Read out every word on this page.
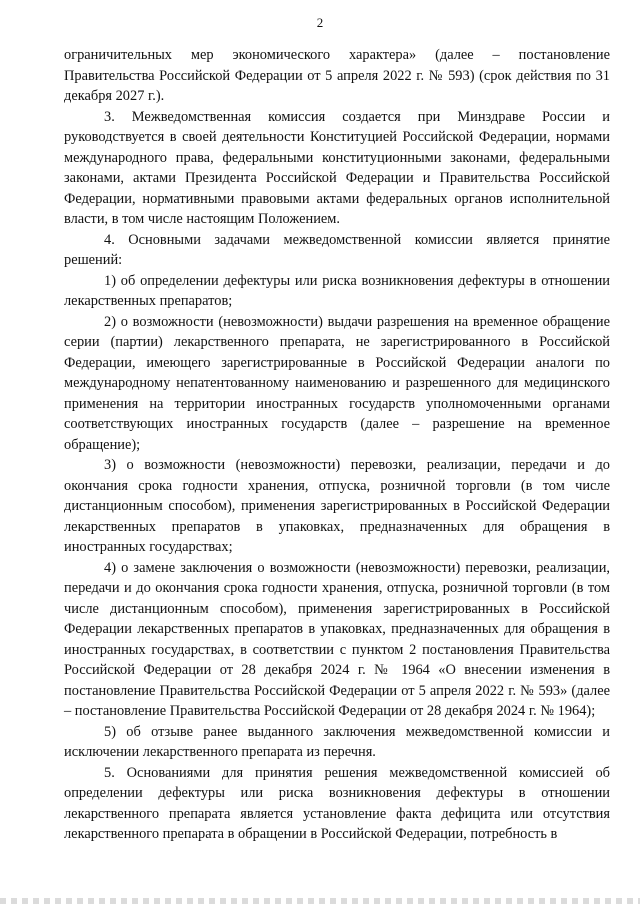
2

ограничительных мер экономического характера» (далее – постановление Правительства Российской Федерации от 5 апреля 2022 г. № 593) (срок действия по 31 декабря 2027 г.).

3. Межведомственная комиссия создается при Минздраве России и руководствуется в своей деятельности Конституцией Российской Федерации, нормами международного права, федеральными конституционными законами, федеральными законами, актами Президента Российской Федерации и Правительства Российской Федерации, нормативными правовыми актами федеральных органов исполнительной власти, в том числе настоящим Положением.

4. Основными задачами межведомственной комиссии является принятие решений:

1) об определении дефектуры или риска возникновения дефектуры в отношении лекарственных препаратов;

2) о возможности (невозможности) выдачи разрешения на временное обращение серии (партии) лекарственного препарата, не зарегистрированного в Российской Федерации, имеющего зарегистрированные в Российской Федерации аналоги по международному непатентованному наименованию и разрешенного для медицинского применения на территории иностранных государств уполномоченными органами соответствующих иностранных государств (далее – разрешение на временное обращение);

3) о возможности (невозможности) перевозки, реализации, передачи и до окончания срока годности хранения, отпуска, розничной торговли (в том числе дистанционным способом), применения зарегистрированных в Российской Федерации лекарственных препаратов в упаковках, предназначенных для обращения в иностранных государствах;

4) о замене заключения о возможности (невозможности) перевозки, реализации, передачи и до окончания срока годности хранения, отпуска, розничной торговли (в том числе дистанционным способом), применения зарегистрированных в Российской Федерации лекарственных препаратов в упаковках, предназначенных для обращения в иностранных государствах, в соответствии с пунктом 2 постановления Правительства Российской Федерации от 28 декабря 2024 г. № 1964 «О внесении изменения в постановление Правительства Российской Федерации от 5 апреля 2022 г. № 593» (далее – постановление Правительства Российской Федерации от 28 декабря 2024 г. № 1964);

5) об отзыве ранее выданного заключения межведомственной комиссии и исключении лекарственного препарата из перечня.

5. Основаниями для принятия решения межведомственной комиссией об определении дефектуры или риска возникновения дефектуры в отношении лекарственного препарата является установление факта дефицита или отсутствия лекарственного препарата в обращении в Российской Федерации, потребность в
